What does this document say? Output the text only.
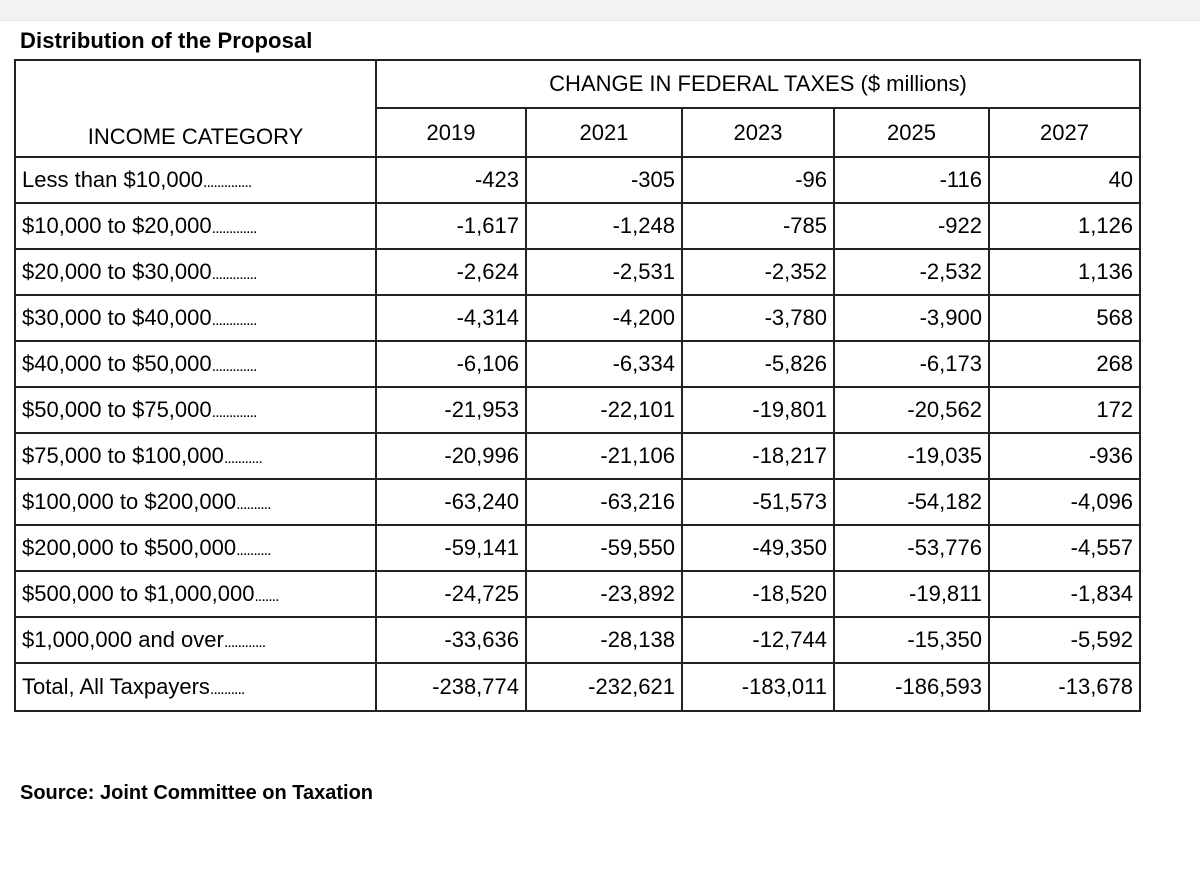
Distribution of the Proposal
INCOME CATEGORY	CHANGE IN FEDERAL TAXES ($ millions)				
	2019	2021	2023	2025	2027
Less than $10,000..............	-423	-305	-96	-116	40
$10,000 to $20,000.............	-1,617	-1,248	-785	-922	1,126
$20,000 to $30,000.............	-2,624	-2,531	-2,352	-2,532	1,136
$30,000 to $40,000.............	-4,314	-4,200	-3,780	-3,900	568
$40,000 to $50,000.............	-6,106	-6,334	-5,826	-6,173	268
$50,000 to $75,000.............	-21,953	-22,101	-19,801	-20,562	172
$75,000 to $100,000...........	-20,996	-21,106	-18,217	-19,035	-936
$100,000 to $200,000..........	-63,240	-63,216	-51,573	-54,182	-4,096
$200,000 to $500,000..........	-59,141	-59,550	-49,350	-53,776	-4,557
$500,000 to $1,000,000.......	-24,725	-23,892	-18,520	-19,811	-1,834
$1,000,000 and over............	-33,636	-28,138	-12,744	-15,350	-5,592
Total, All Taxpayers..........	-238,774	-232,621	-183,011	-186,593	-13,678
Source: Joint Committee on Taxation
